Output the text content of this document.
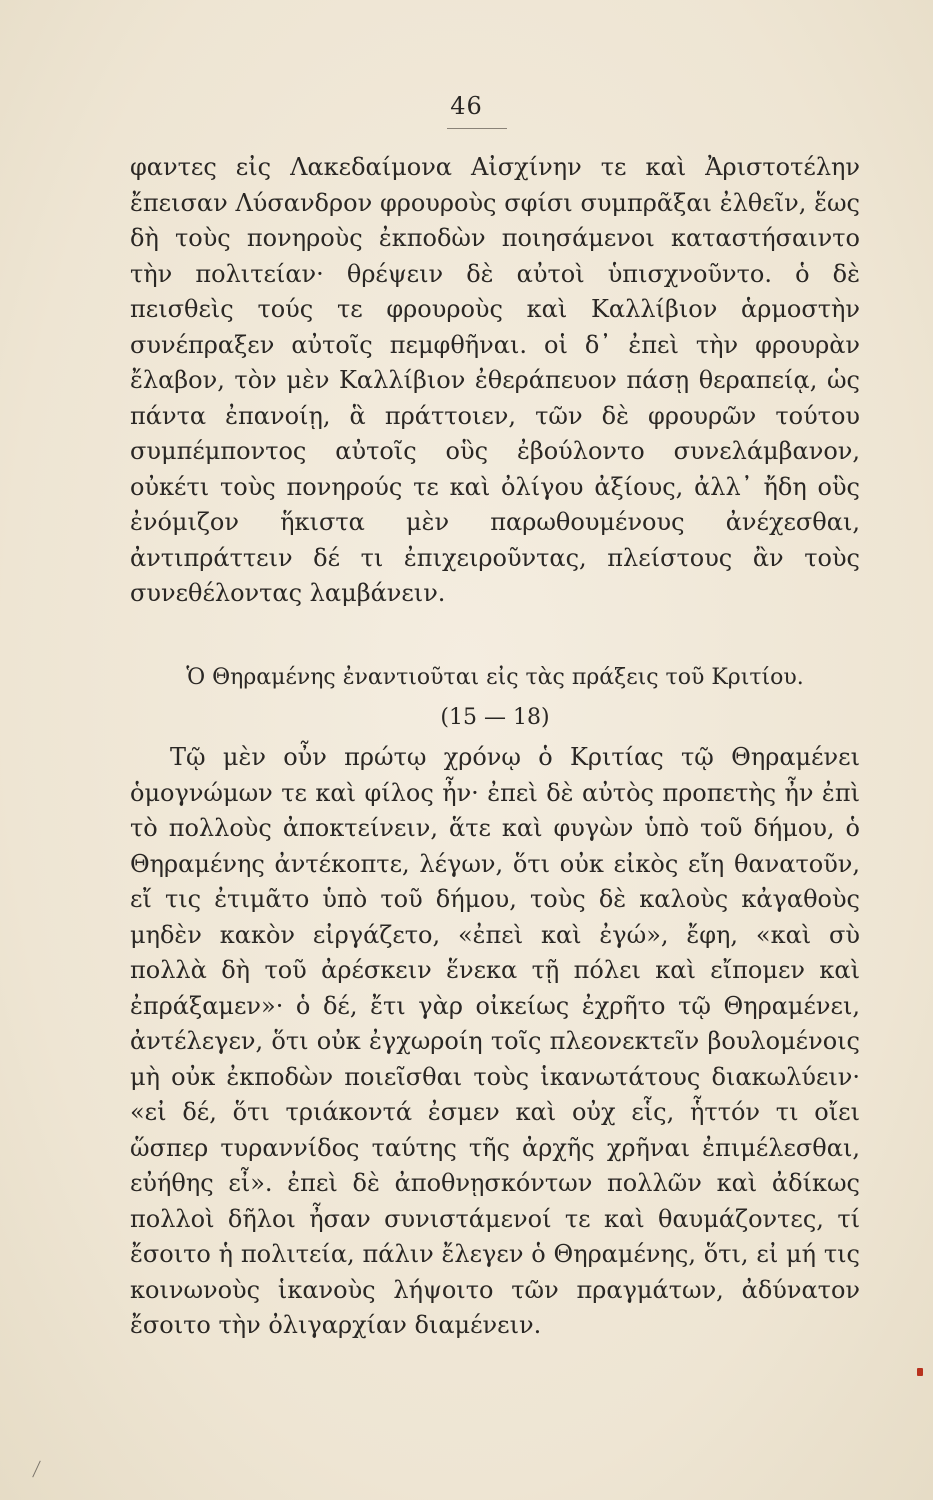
46
φαντες εἰς Λακεδαίμονα Αἰσχίνην τε καὶ Ἀριστοτέλην ἔπεισαν Λύσανδρον φρουροὺς σφίσι συμπρᾶξαι ἐλθεῖν, ἕως δὴ τοὺς πονηροὺς ἐκποδὼν ποιησάμενοι καταστήσαιντο τὴν πολιτείαν· θρέψειν δὲ αὐτοὶ ὑπισχνοῦντο. ὁ δὲ πεισθεὶς τούς τε φρουροὺς καὶ Καλλίβιον ἁρμοστὴν συνέπραξεν αὐτοῖς πεμφθῆναι. οἱ δ᾽ ἐπεὶ τὴν φρουρὰν ἔλαβον, τὸν μὲν Καλλίβιον ἐθεράπευον πάσῃ θεραπείᾳ, ὡς πάντα ἐπανοίῃ, ἃ πράττοιεν, τῶν δὲ φρουρῶν τούτου συμπέμποντος αὐτοῖς οὓς ἐβούλοντο συνελάμβανον, οὐκέτι τοὺς πονηρούς τε καὶ ὀλίγου ἀξίους, ἀλλ᾽ ἤδη οὓς ἐνόμιζον ἥκιστα μὲν παρωθουμένους ἀνέχεσθαι, ἀντιπράττειν δέ τι ἐπιχειροῦντας, πλείστους ἂν τοὺς συνεθέλοντας λαμβάνειν.
Ὁ Θηραμένης ἐναντιοῦται εἰς τὰς πράξεις τοῦ Κριτίου.
(15 — 18)
Τῷ μὲν οὖν πρώτῳ χρόνῳ ὁ Κριτίας τῷ Θηραμένει ὁμογνώμων τε καὶ φίλος ἦν· ἐπεὶ δὲ αὐτὸς προπετὴς ἦν ἐπὶ τὸ πολλοὺς ἀποκτείνειν, ἅτε καὶ φυγὼν ὑπὸ τοῦ δήμου, ὁ Θηραμένης ἀντέκοπτε, λέγων, ὅτι οὐκ εἰκὸς εἴη θανατοῦν, εἴ τις ἐτιμᾶτο ὑπὸ τοῦ δήμου, τοὺς δὲ καλοὺς κἀγαθοὺς μηδὲν κακὸν εἰργάζετο, «ἐπεὶ καὶ ἐγώ», ἔφη, «καὶ σὺ πολλὰ δὴ τοῦ ἀρέσκειν ἕνεκα τῇ πόλει καὶ εἴπομεν καὶ ἐπράξαμεν»· ὁ δέ, ἔτι γὰρ οἰκείως ἐχρῆτο τῷ Θηραμένει, ἀντέλεγεν, ὅτι οὐκ ἐγχωροίη τοῖς πλεονεκτεῖν βουλομένοις μὴ οὐκ ἐκποδὼν ποιεῖσθαι τοὺς ἱκανωτάτους διακωλύειν· «εἰ δέ, ὅτι τριάκοντά ἐσμεν καὶ οὐχ εἷς, ἧττόν τι οἴει ὥσπερ τυραννίδος ταύτης τῆς ἀρχῆς χρῆναι ἐπιμέλεσθαι, εὐήθης εἶ». ἐπεὶ δὲ ἀποθνῃσκόντων πολλῶν καὶ ἀδίκως πολλοὶ δῆλοι ἦσαν συνιστάμενοί τε καὶ θαυμάζοντες, τί ἔσοιτο ἡ πολιτεία, πάλιν ἔλεγεν ὁ Θηραμένης, ὅτι, εἰ μή τις κοινωνοὺς ἱκανοὺς λήψοιτο τῶν πραγμάτων, ἀδύνατον ἔσοιτο τὴν ὀλιγαρχίαν διαμένειν.
